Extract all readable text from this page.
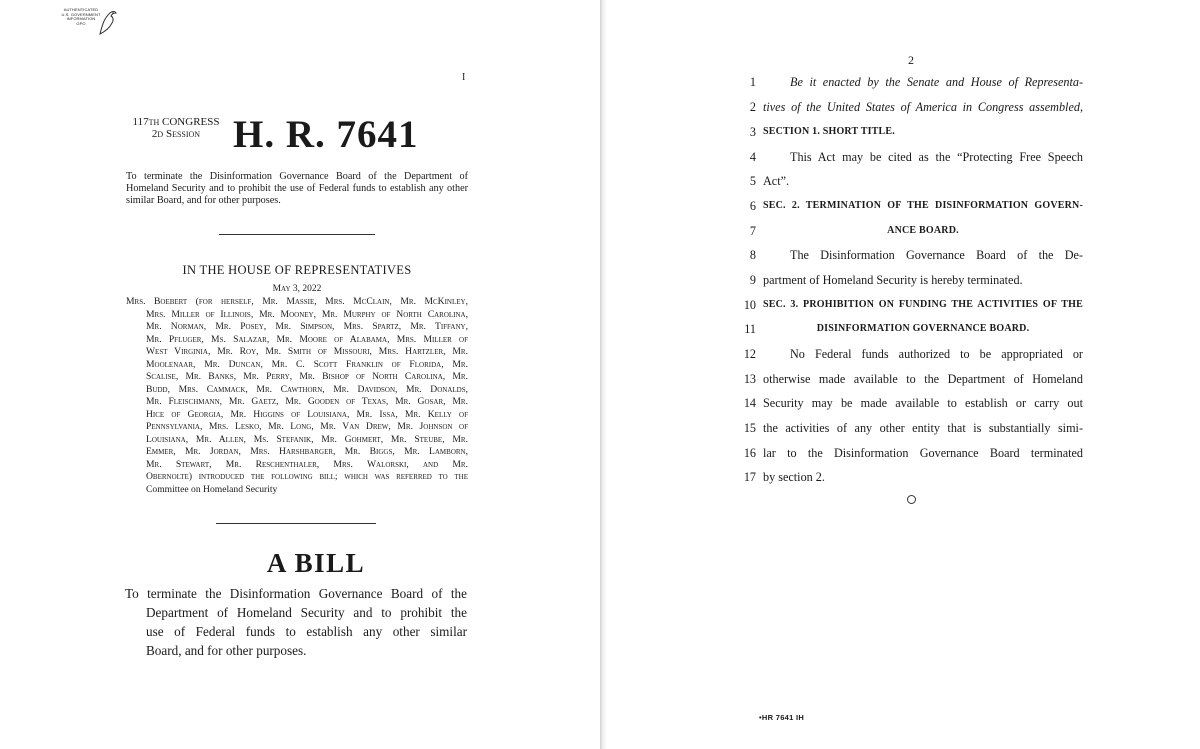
AUTHENTICATED
U.S. GOVERNMENT
INFORMATION
GPO
I
117th CONGRESS
2d Session H. R. 7641
To terminate the Disinformation Governance Board of the Department of Homeland Security and to prohibit the use of Federal funds to establish any other similar Board, and for other purposes.
IN THE HOUSE OF REPRESENTATIVES
May 3, 2022
Mrs. Boebert (for herself, Mr. Massie, Mrs. McClain, Mr. McKinley,
Mrs. Miller of Illinois, Mr. Mooney, Mr. Murphy of North Carolina,
Mr. Norman, Mr. Posey, Mr. Simpson, Mrs. Spartz, Mr. Tiffany,
Mr. Pfluger, Ms. Salazar, Mr. Moore of Alabama, Mrs. Miller of
West Virginia, Mr. Roy, Mr. Smith of Missouri, Mrs. Hartzler, Mr.
Moolenaar, Mr. Duncan, Mr. C. Scott Franklin of Florida, Mr.
Scalise, Mr. Banks, Mr. Perry, Mr. Bishop of North Carolina, Mr.
Budd, Mrs. Cammack, Mr. Cawthorn, Mr. Davidson, Mr. Donalds,
Mr. Fleischmann, Mr. Gaetz, Mr. Gooden of Texas, Mr. Gosar, Mr.
Hice of Georgia, Mr. Higgins of Louisiana, Mr. Issa, Mr. Kelly of
Pennsylvania, Mrs. Lesko, Mr. Long, Mr. Van Drew, Mr. Johnson of
Louisiana, Mr. Allen, Ms. Stefanik, Mr. Gohmert, Mr. Steube, Mr.
Emmer, Mr. Jordan, Mrs. Harshbarger, Mr. Biggs, Mr. Lamborn,
Mr. Stewart, Mr. Reschenthaler, Mrs. Walorski, and Mr.
Obernolte) introduced the following bill; which was referred to the
Committee on Homeland Security
A BILL
To terminate the Disinformation Governance Board of the
Department of Homeland Security and to prohibit the
use of Federal funds to establish any other similar
Board, and for other purposes.
2
1	Be it enacted by the Senate and House of Representa-
2 tives of the United States of America in Congress assembled,
3 SECTION 1. SHORT TITLE.
4	This Act may be cited as the “Protecting Free Speech
5 Act”.
6 SEC. 2. TERMINATION OF THE DISINFORMATION GOVERN-
7	ANCE BOARD.
8	The Disinformation Governance Board of the De-
9 partment of Homeland Security is hereby terminated.
10 SEC. 3. PROHIBITION ON FUNDING THE ACTIVITIES OF THE
11	DISINFORMATION GOVERNANCE BOARD.
12	No Federal funds authorized to be appropriated or
13 otherwise made available to the Department of Homeland
14 Security may be made available to establish or carry out
15 the activities of any other entity that is substantially simi-
16 lar to the Disinformation Governance Board terminated
17 by section 2.
•HR 7641 IH
